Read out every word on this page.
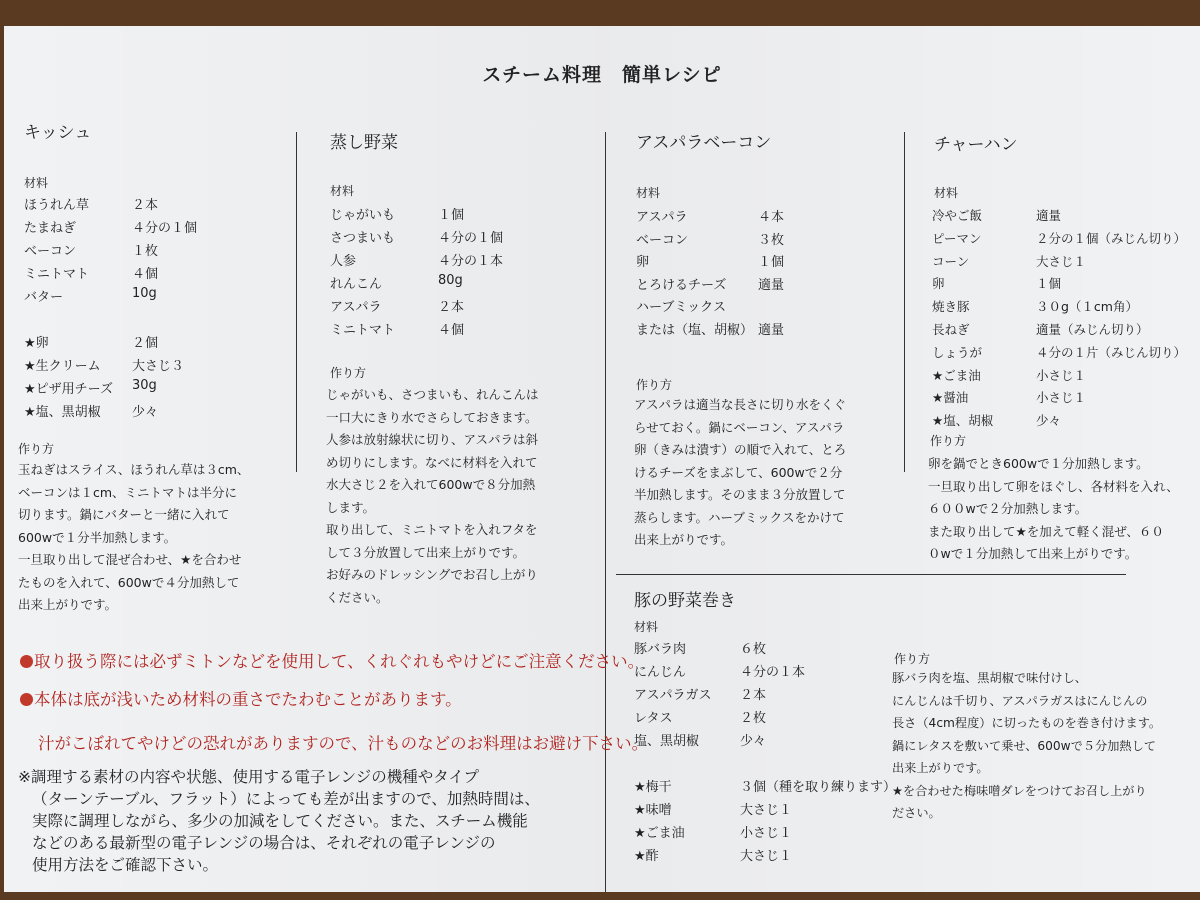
スチーム料理　簡単レシピ
キッシュ
材料
ほうれん草	２本
たまねぎ	４分の１個
ベーコン	１枚
ミニトマト	４個
バター	10g
★卵	２個
★生クリーム 大さじ３
★ピザ用チーズ 30g
★塩、黒胡椒 少々
作り方
玉ねぎはスライス、ほうれん草は３cm、
ベーコンは１cm、ミニトマトは半分に
切ります。鍋にバターと一緒に入れて
600wで１分半加熱します。
一旦取り出して混ぜ合わせ、★を合わせ
たものを入れて、600wで４分加熱して
出来上がりです。
蒸し野菜
材料
じゃがいも	１個
さつまいも	４分の１個
人参	４分の１本
れんこん	80g
アスパラ	２本
ミニトマト	４個
作り方
じゃがいも、さつまいも、れんこんは
一口大にきり水でさらしておきます。
人参は放射線状に切り、アスパラは斜
め切りにします。なべに材料を入れて
水大さじ２を入れて600wで８分加熱
します。
取り出して、ミニトマトを入れフタを
して３分放置して出来上がりです。
お好みのドレッシングでお召し上がり
ください。
アスパラベーコン
材料
アスパラ	４本
ベーコン	３枚
卵	１個
とろけるチーズ 適量
ハーブミックス
または（塩、胡椒） 適量
作り方
アスパラは適当な長さに切り水をくぐ
らせておく。鍋にベーコン、アスパラ
卵（きみは潰す）の順で入れて、とろ
けるチーズをまぶして、600wで２分
半加熱します。そのまま３分放置して
蒸らします。ハーブミックスをかけて
出来上がりです。
チャーハン
材料
冷やご飯	適量
ピーマン	２分の１個（みじん切り）
コーン	大さじ１
卵	１個
焼き豚	３０g（１cm角）
長ねぎ	適量（みじん切り）
しょうが	４分の１片（みじん切り）
★ごま油	小さじ１
★醤油	小さじ１
★塩、胡椒	少々
作り方
卵を鍋でとき600wで１分加熱します。
一旦取り出して卵をほぐし、各材料を入れ、
６００wで２分加熱します。
また取り出して★を加えて軽く混ぜ、６０
０wで１分加熱して出来上がりです。
豚の野菜巻き
材料
豚バラ肉	６枚
にんじん	４分の１本
アスパラガス ２本
レタス	２枚
塩、黒胡椒	少々
★梅干	３個（種を取り練ります）
★味噌	大さじ１
★ごま油	小さじ１
★酢	大さじ１
作り方
豚バラ肉を塩、黒胡椒で味付けし、
にんじんは千切り、アスパラガスはにんじんの
長さ（4cm程度）に切ったものを巻き付けます。
鍋にレタスを敷いて乗せ、600wで５分加熱して
出来上がりです。
★を合わせた梅味噌ダレをつけてお召し上がり
ださい。
取り扱う際には必ずミトンなどを使用して、くれぐれもやけどにご注意ください。
本体は底が浅いため材料の重さでたわむことがあります。
汁がこぼれてやけどの恐れがありますので、汁ものなどのお料理はお避け下さい。
※調理する素材の内容や状態、使用する電子レンジの機種やタイプ
（ターンテーブル、フラット）によっても差が出ますので、加熱時間は、
実際に調理しながら、多少の加減をしてください。また、スチーム機能
などのある最新型の電子レンジの場合は、それぞれの電子レンジの
使用方法をご確認下さい。
